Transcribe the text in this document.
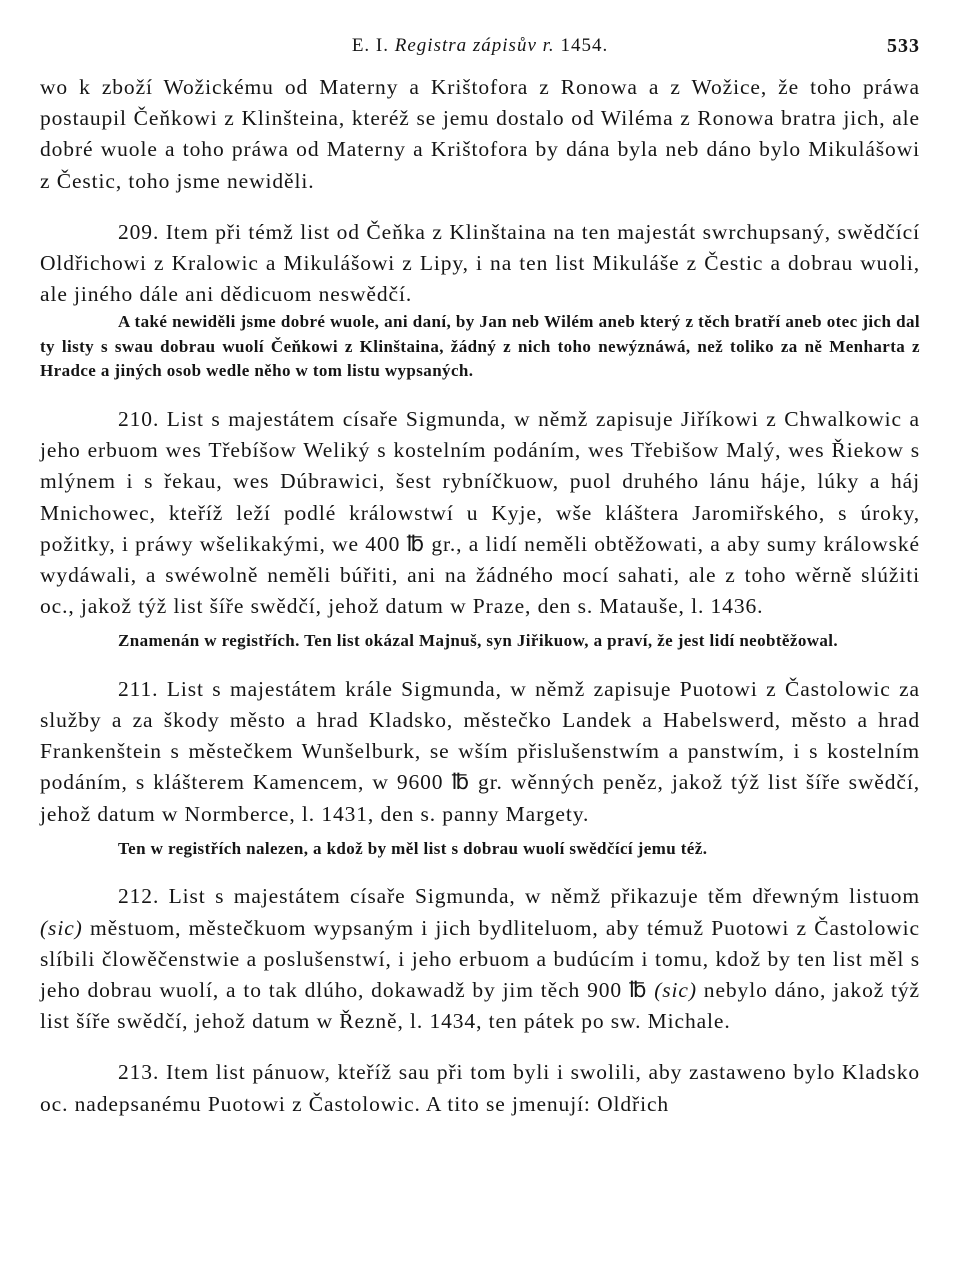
E. I. Registra zápisův r. 1454.	533

wo k zboží Wožickému od Materny a Krištofora z Ronowa a z Wožice, že toho práwa postaupil Čeňkowi z Klinšteina, kteréž se jemu dostalo od Wiléma z Ronowa bratra jich, ale dobré wuole a toho práwa od Materny a Krištofora by dána byla neb dáno bylo Mikulášowi z Čestic, toho jsme newiděli.

209. Item při témž list od Čeňka z Klinštaina na ten majestát swrchupsaný, swědčící Oldřichowi z Kralowic a Mikulášowi z Lipy, i na ten list Mikuláše z Čestic a dobrau wuoli, ale jiného dále ani dědicuom neswědčí.

A také newiděli jsme dobré wuole, ani daní, by Jan neb Wilém aneb který z těch bratří aneb otec jich dal ty listy s swau dobrau wuolí Čeňkowi z Klinštaina, žádný z nich toho newýznáwá, než toliko za ně Menharta z Hradce a jiných osob wedle něho w tom listu wypsaných.

210. List s majestátem císaře Sigmunda, w němž zapisuje Jiříkowi z Chwalkowic a jeho erbuom wes Třebíšow Weliký s kostelním podáním, wes Třebišow Malý, wes Řiekow s mlýnem i s řekau, wes Dúbrawici, šest rybníčkuow, puol druhého lánu háje, lúky a háj Mnichowec, kteříž leží podlé králowstwí u Kyje, wše kláštera Jaromiřského, s úroky, požitky, i práwy wšelikakými, we 400 ℔ gr., a lidí neměli obtěžowati, a aby sumy králowské wydáwali, a swéwolně neměli búřiti, ani na žádného mocí sahati, ale z toho wěrně slúžiti oc., jakož týž list šíře swědčí, jehož datum w Praze, den s. Matauše, l. 1436.

Znamenán w registřích. Ten list okázal Majnuš, syn Jiřikuow, a praví, že jest lidí neobtěžowal.

211. List s majestátem krále Sigmunda, w němž zapisuje Puotowi z Častolowic za služby a za škody město a hrad Kladsko, městečko Landek a Habelswerd, město a hrad Frankenštein s městečkem Wunšelburk, se wším přislušenstwím a panstwím, i s kostelním podáním, s klášterem Kamencem, w 9600 ℔ gr. wěnných peněz, jakož týž list šíře swědčí, jehož datum w Normberce, l. 1431, den s. panny Margety.

Ten w registřích nalezen, a kdož by měl list s dobrau wuolí swědčící jemu též.

212. List s majestátem císaře Sigmunda, w němž přikazuje těm dřewným listuom (sic) městuom, městečkuom wypsaným i jich bydliteluom, aby témuž Puotowi z Častolowic slíbili člowěčenstwie a poslušenstwí, i jeho erbuom a budúcím i tomu, kdož by ten list měl s jeho dobrau wuolí, a to tak dlúho, dokawadž by jim těch 900 ℔ (sic) nebylo dáno, jakož týž list šíře swědčí, jehož datum w Řezně, l. 1434, ten pátek po sw. Michale.

213. Item list pánuow, kteříž sau při tom byli i swolili, aby zastaweno bylo Kladsko oc. nadepsanému Puotowi z Častolowic. A tito se jmenují: Oldřich
